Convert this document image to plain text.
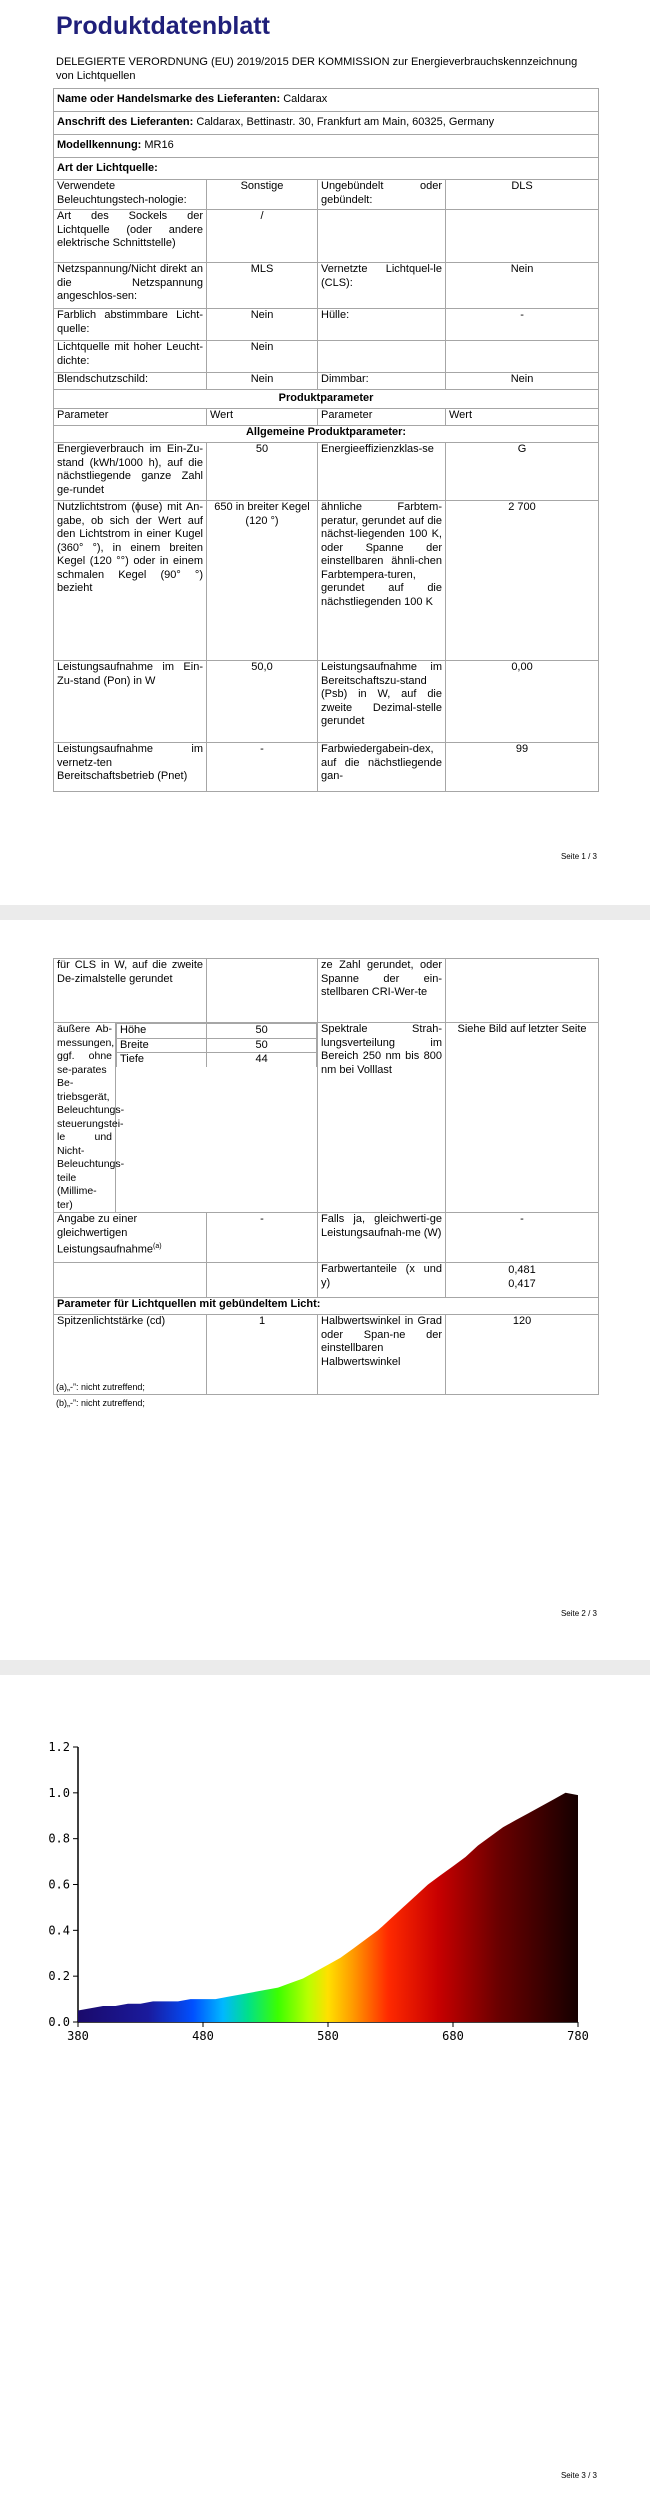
Produktdatenblatt
DELEGIERTE VERORDNUNG (EU) 2019/2015 DER KOMMISSION zur Energieverbrauchskennzeichnung von Lichtquellen
Name oder Handelsmarke des Lieferanten: Caldarax			
Anschrift des Lieferanten: Caldarax, Bettinastr. 30, Frankfurt am Main, 60325, Germany			
Modellkennung: MR16			
Art der Lichtquelle:			
Verwendete Beleuchtungstech-nologie:	Sonstige	Ungebündelt oder gebündelt:	DLS
Art des Sockels der Lichtquelle (oder andere elektrische Schnittstelle)	/		
Netzspannung/Nicht direkt an die Netzspannung angeschlos-sen:	MLS	Vernetzte Lichtquel-le (CLS):	Nein
Farblich abstimmbare Licht-quelle:	Nein	Hülle:	-
Lichtquelle mit hoher Leucht-dichte:	Nein		
Blendschutzschild:	Nein	Dimmbar:	Nein
Produktparameter			
Parameter	Wert	Parameter	Wert
Allgemeine Produktparameter:			
Energieverbrauch im Ein-Zu-stand (kWh/1000 h), auf die nächstliegende ganze Zahl ge-rundet	50	Energieeffizienzklas-se	G
Nutzlichtstrom (ɸuse) mit An-gabe, ob sich der Wert auf den Lichtstrom in einer Kugel (360° °), in einem breiten Kegel (120 °°) oder in einem schmalen Kegel (90° °) bezieht	650 in breiter Kegel (120 °)	ähnliche Farbtem-peratur, gerundet auf die nächst-liegenden 100 K, oder Spanne der einstellbaren ähnli-chen Farbtempera-turen, gerundet auf die nächstliegenden 100 K	2 700
Leistungsaufnahme im Ein-Zu-stand (Pon) in W	50,0	Leistungsaufnahme im Bereitschaftszu-stand (Psb) in W, auf die zweite Dezimal-stelle gerundet	0,00
Leistungsaufnahme im vernetz-ten Bereitschaftsbetrieb (Pnet)	-	Farbwiedergabein-dex, auf die nächstliegende gan-	99
Seite 1 / 3
für CLS in W, auf die zweite De-zimalstelle gerundet		ze Zahl gerundet, oder Spanne der ein-stellbaren CRI-Wer-te	
äußere Ab-messungen, ggf. ohne se-parates Be-triebsgerät, Beleuchtungs-steuerungstei-le und Nicht-Beleuchtungs-teile (Millime-ter)	
Höhe	50
Breite	50
Tiefe	44
	Spektrale Strah-lungsverteilung im Bereich 250 nm bis 800 nm bei Volllast	Siehe Bild auf letzter Seite
Angabe zu einer gleichwertigen Leistungsaufnahme$^{(a)}$	-	Falls ja, gleichwerti-ge Leistungsaufnah-me (W)	-
		Farbwertanteile (x und y)	0,481 0,417
Parameter für Lichtquellen mit gebündeltem Licht:
Spitzenlichtstärke (cd)	1	Halbwertswinkel in Grad oder Span-ne der einstellbaren Halbwertswinkel	120
(a)„-”: nicht zutreffend;
(b)„-”: nicht zutreffend;
Seite 2 / 3
0.0
0.2
0.4
0.6
0.8
1.0
1.2
380	480	580	680	780
Seite 3 / 3
